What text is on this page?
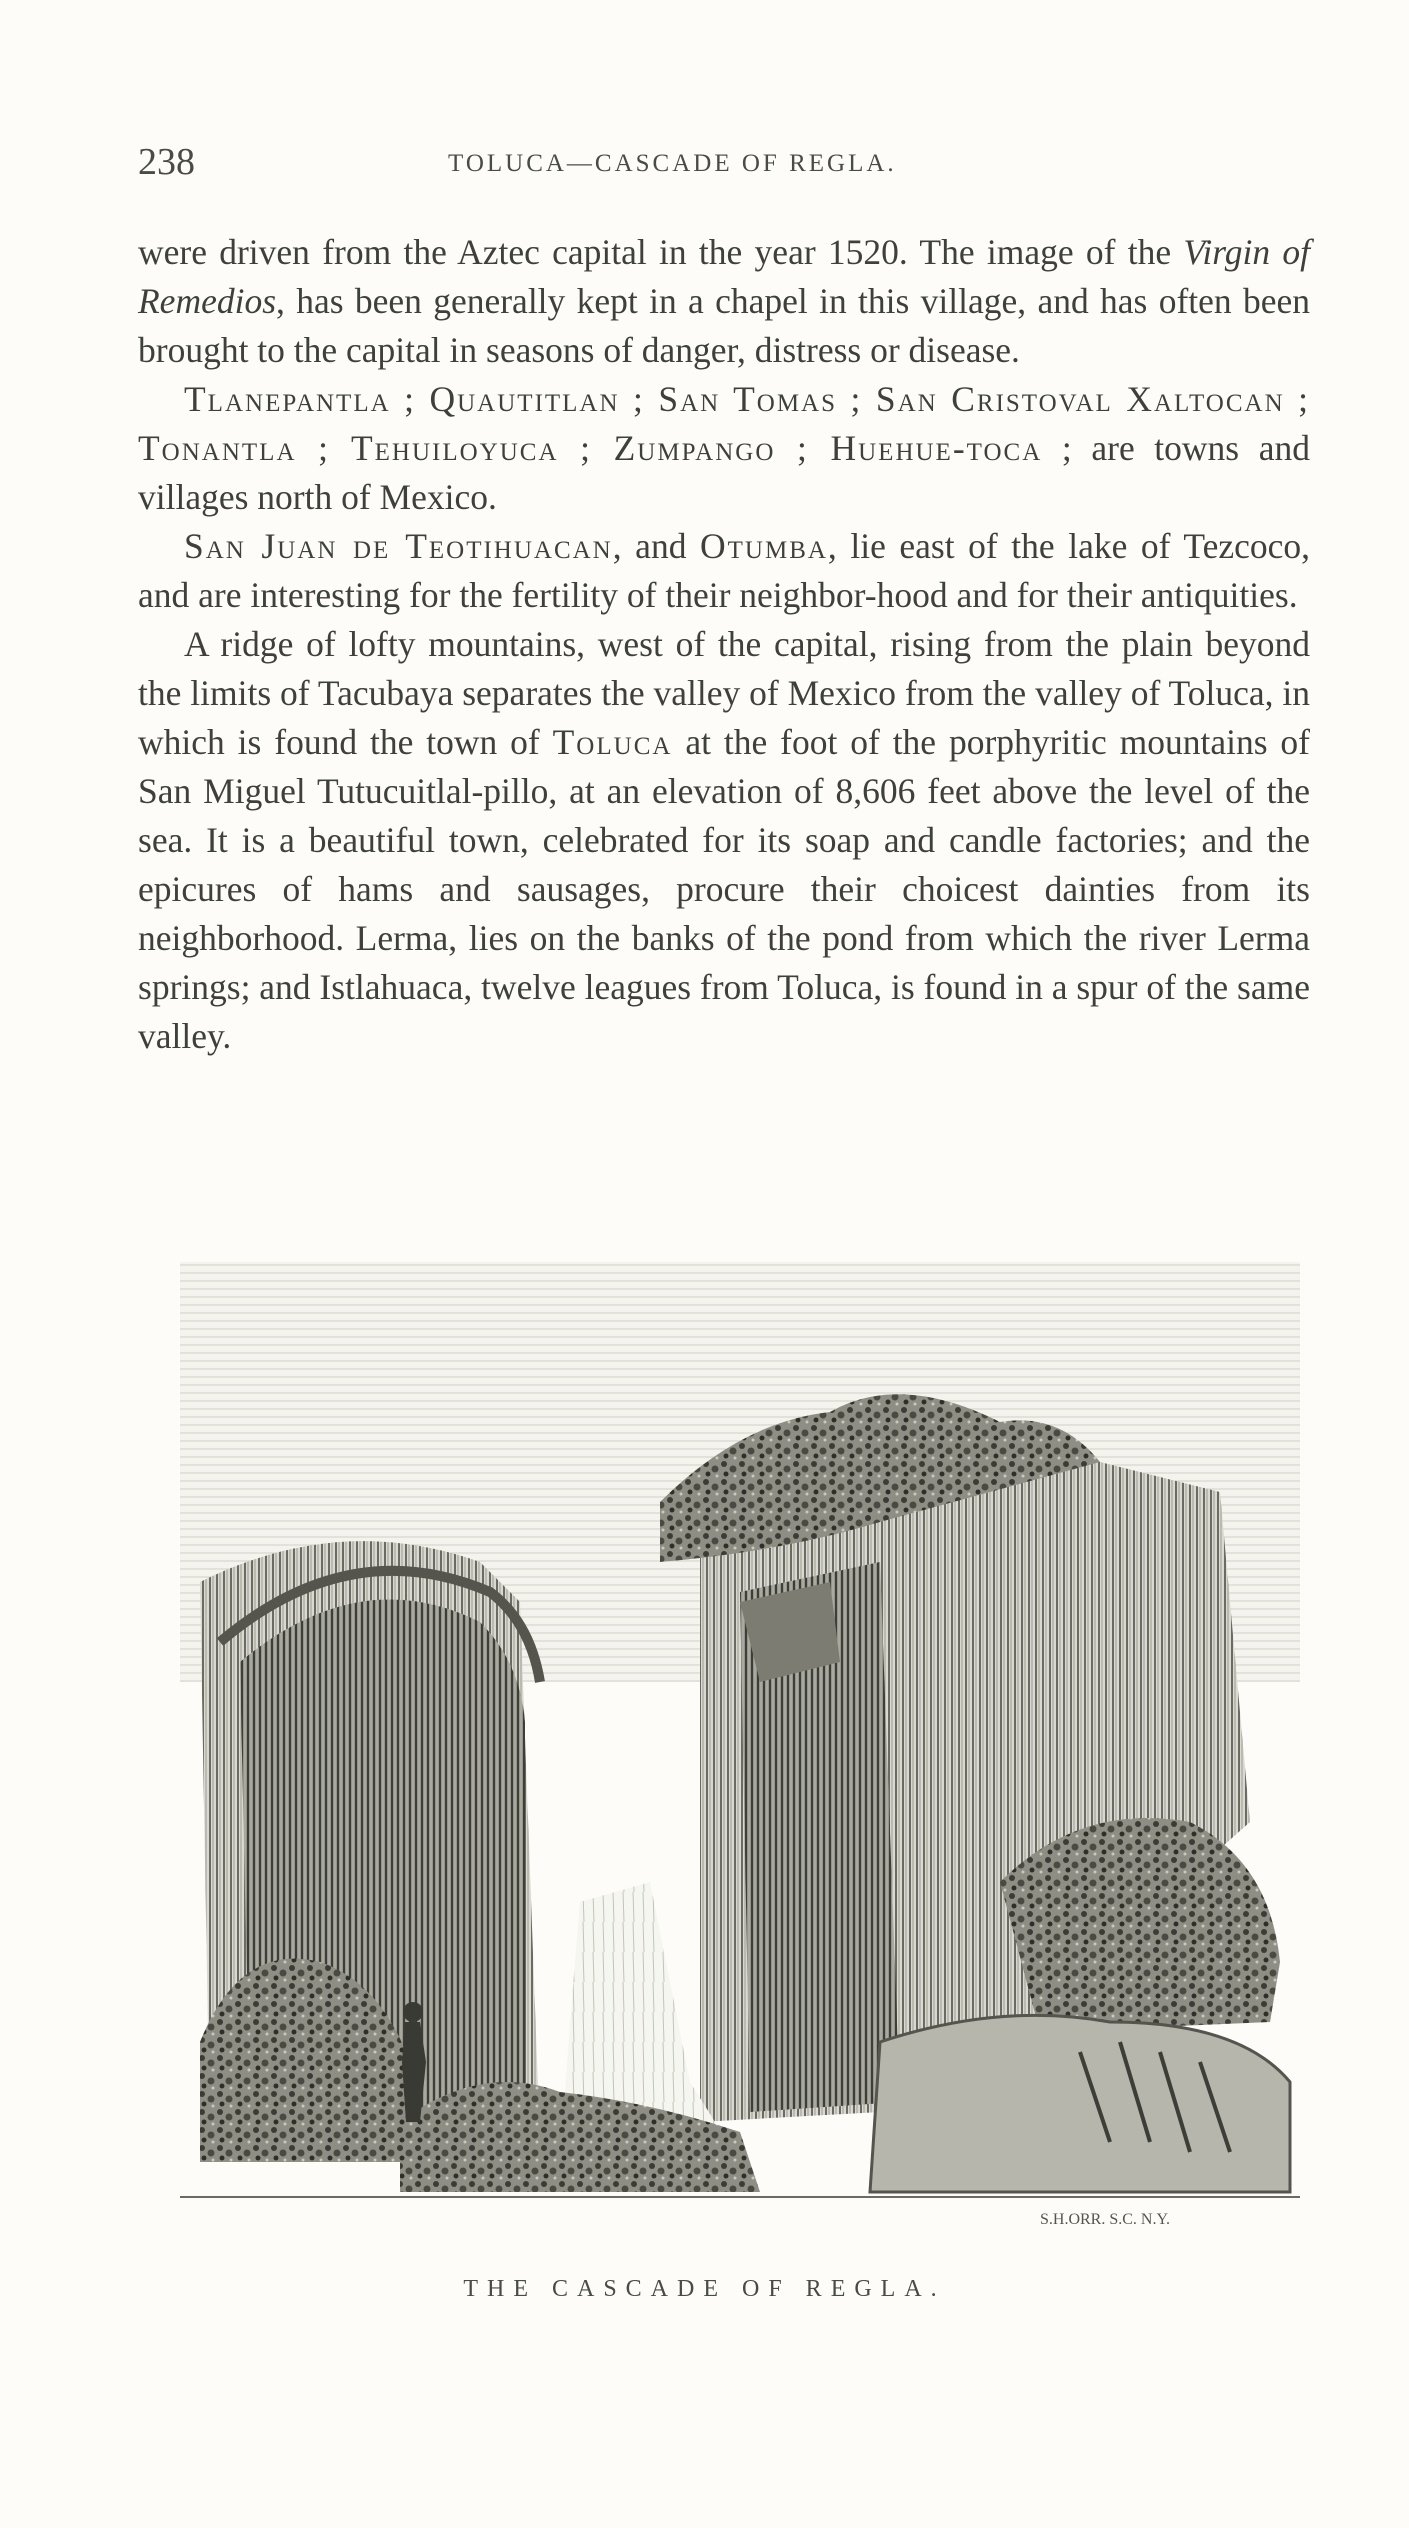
238	TOLUCA—CASCADE OF REGLA.

were driven from the Aztec capital in the year 1520. The image of the Virgin of Remedios, has been generally kept in a chapel in this village, and has often been brought to the capital in seasons of danger, distress or disease.

Tlanepantla ; Quautitlan ; San Tomas ; San Cristoval Xaltocan ; Tonantla ; Tehuiloyuca ; Zumpango ; Huehue-toca ; are towns and villages north of Mexico.

San Juan de Teotihuacan, and Otumba, lie east of the lake of Tezcoco, and are interesting for the fertility of their neighbor-hood and for their antiquities.

A ridge of lofty mountains, west of the capital, rising from the plain beyond the limits of Tacubaya separates the valley of Mexico from the valley of Toluca, in which is found the town of Toluca at the foot of the porphyritic mountains of San Miguel Tutucuitlal-pillo, at an elevation of 8,606 feet above the level of the sea. It is a beautiful town, celebrated for its soap and candle factories; and the epicures of hams and sausages, procure their choicest dainties from its neighborhood. Lerma, lies on the banks of the pond from which the river Lerma springs; and Istlahuaca, twelve leagues from Toluca, is found in a spur of the same valley.

S.H.ORR. S.C. N.Y.
THE CASCADE OF REGLA.
